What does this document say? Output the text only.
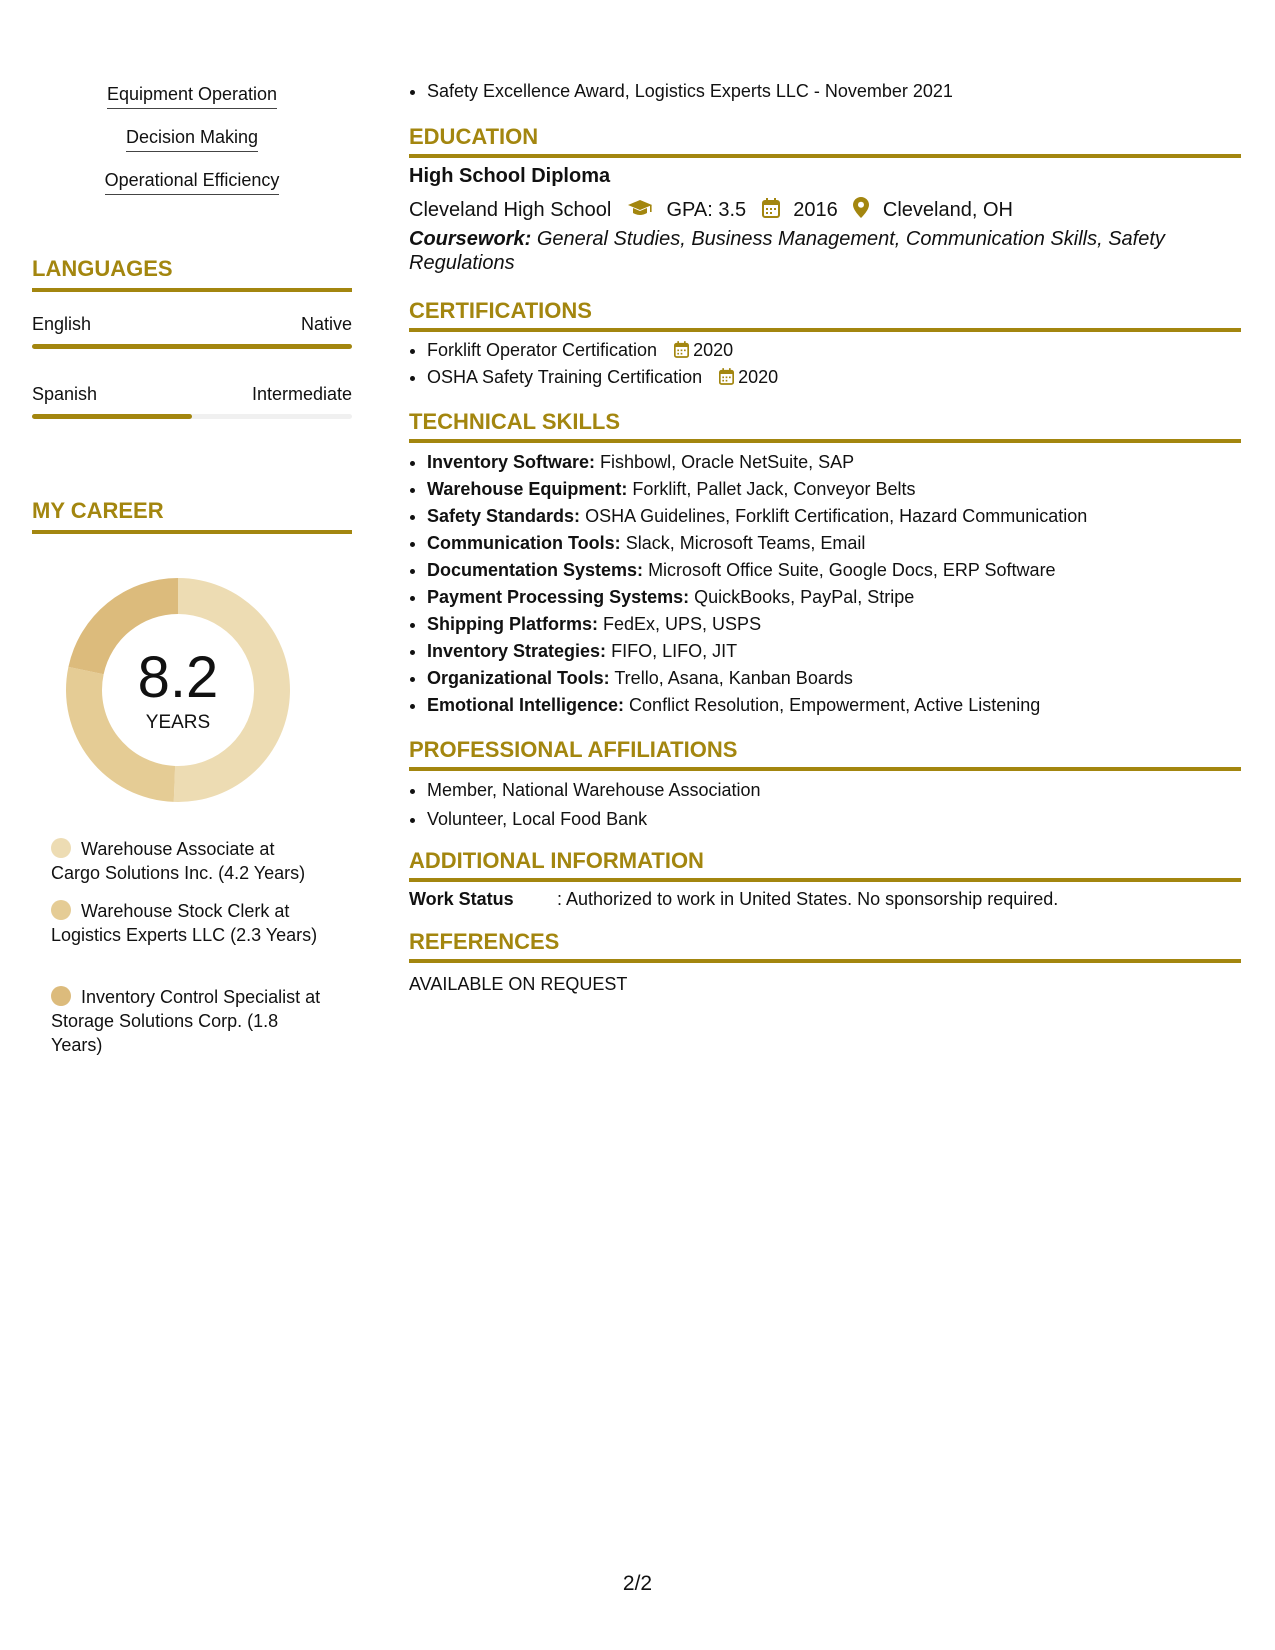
Equipment Operation
Decision Making
Operational Efficiency
LANGUAGES
English	Native
Spanish	Intermediate
MY CAREER
8.2
YEARS
Warehouse Associate at Cargo Solutions Inc. (4.2 Years)
Warehouse Stock Clerk at Logistics Experts LLC (2.3 Years)
Inventory Control Specialist at Storage Solutions Corp. (1.8 Years)
• Safety Excellence Award, Logistics Experts LLC - November 2021
EDUCATION
High School Diploma
Cleveland High School	GPA: 3.5 2016 Cleveland, OH
Coursework: General Studies, Business Management, Communication Skills, Safety Regulations
CERTIFICATIONS
• Forklift Operator Certification 2020
• OSHA Safety Training Certification 2020
TECHNICAL SKILLS
• Inventory Software: Fishbowl, Oracle NetSuite, SAP
• Warehouse Equipment: Forklift, Pallet Jack, Conveyor Belts
• Safety Standards: OSHA Guidelines, Forklift Certification, Hazard Communication
• Communication Tools: Slack, Microsoft Teams, Email
• Documentation Systems: Microsoft Office Suite, Google Docs, ERP Software
• Payment Processing Systems: QuickBooks, PayPal, Stripe
• Shipping Platforms: FedEx, UPS, USPS
• Inventory Strategies: FIFO, LIFO, JIT
• Organizational Tools: Trello, Asana, Kanban Boards
• Emotional Intelligence: Conflict Resolution, Empowerment, Active Listening
PROFESSIONAL AFFILIATIONS
• Member, National Warehouse Association
• Volunteer, Local Food Bank
ADDITIONAL INFORMATION
Work Status : Authorized to work in United States. No sponsorship required.
REFERENCES
AVAILABLE ON REQUEST
2/2
